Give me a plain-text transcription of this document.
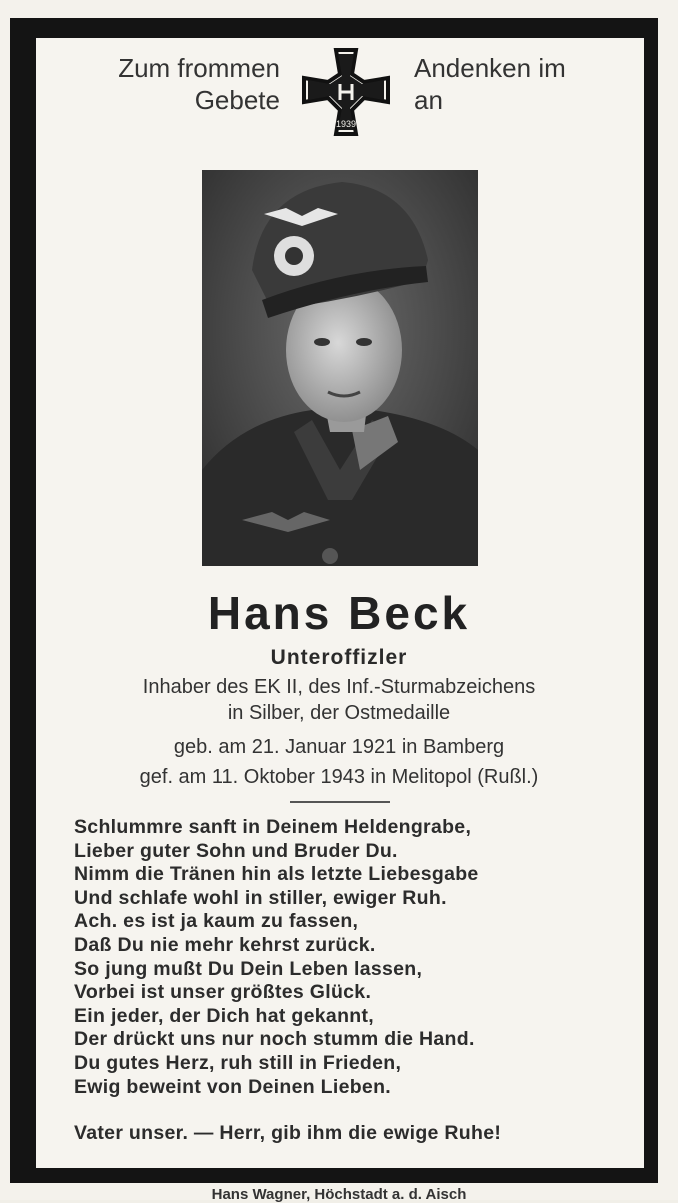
Zum frommen
Gebete
1939
Andenken im
an
Hans Beck
Unteroffizler
Inhaber des EK II, des Inf.-Sturmabzeichens
in Silber, der Ostmedaille
geb. am 21. Januar 1921 in Bamberg
gef. am 11. Oktober 1943 in Melitopol (Rußl.)
Schlummre sanft in Deinem Heldengrabe,
Lieber guter Sohn und Bruder Du.
Nimm die Tränen hin als letzte Liebesgabe
Und schlafe wohl in stiller, ewiger Ruh.
Ach. es ist ja kaum zu fassen,
Daß Du nie mehr kehrst zurück.
So jung mußt Du Dein Leben lassen,
Vorbei ist unser größtes Glück.
Ein jeder, der Dich hat gekannt,
Der drückt uns nur noch stumm die Hand.
Du gutes Herz, ruh still in Frieden,
Ewig beweint von Deinen Lieben.
Vater unser. — Herr, gib ihm die ewige Ruhe!
Hans Wagner, Höchstadt a. d. Aisch
